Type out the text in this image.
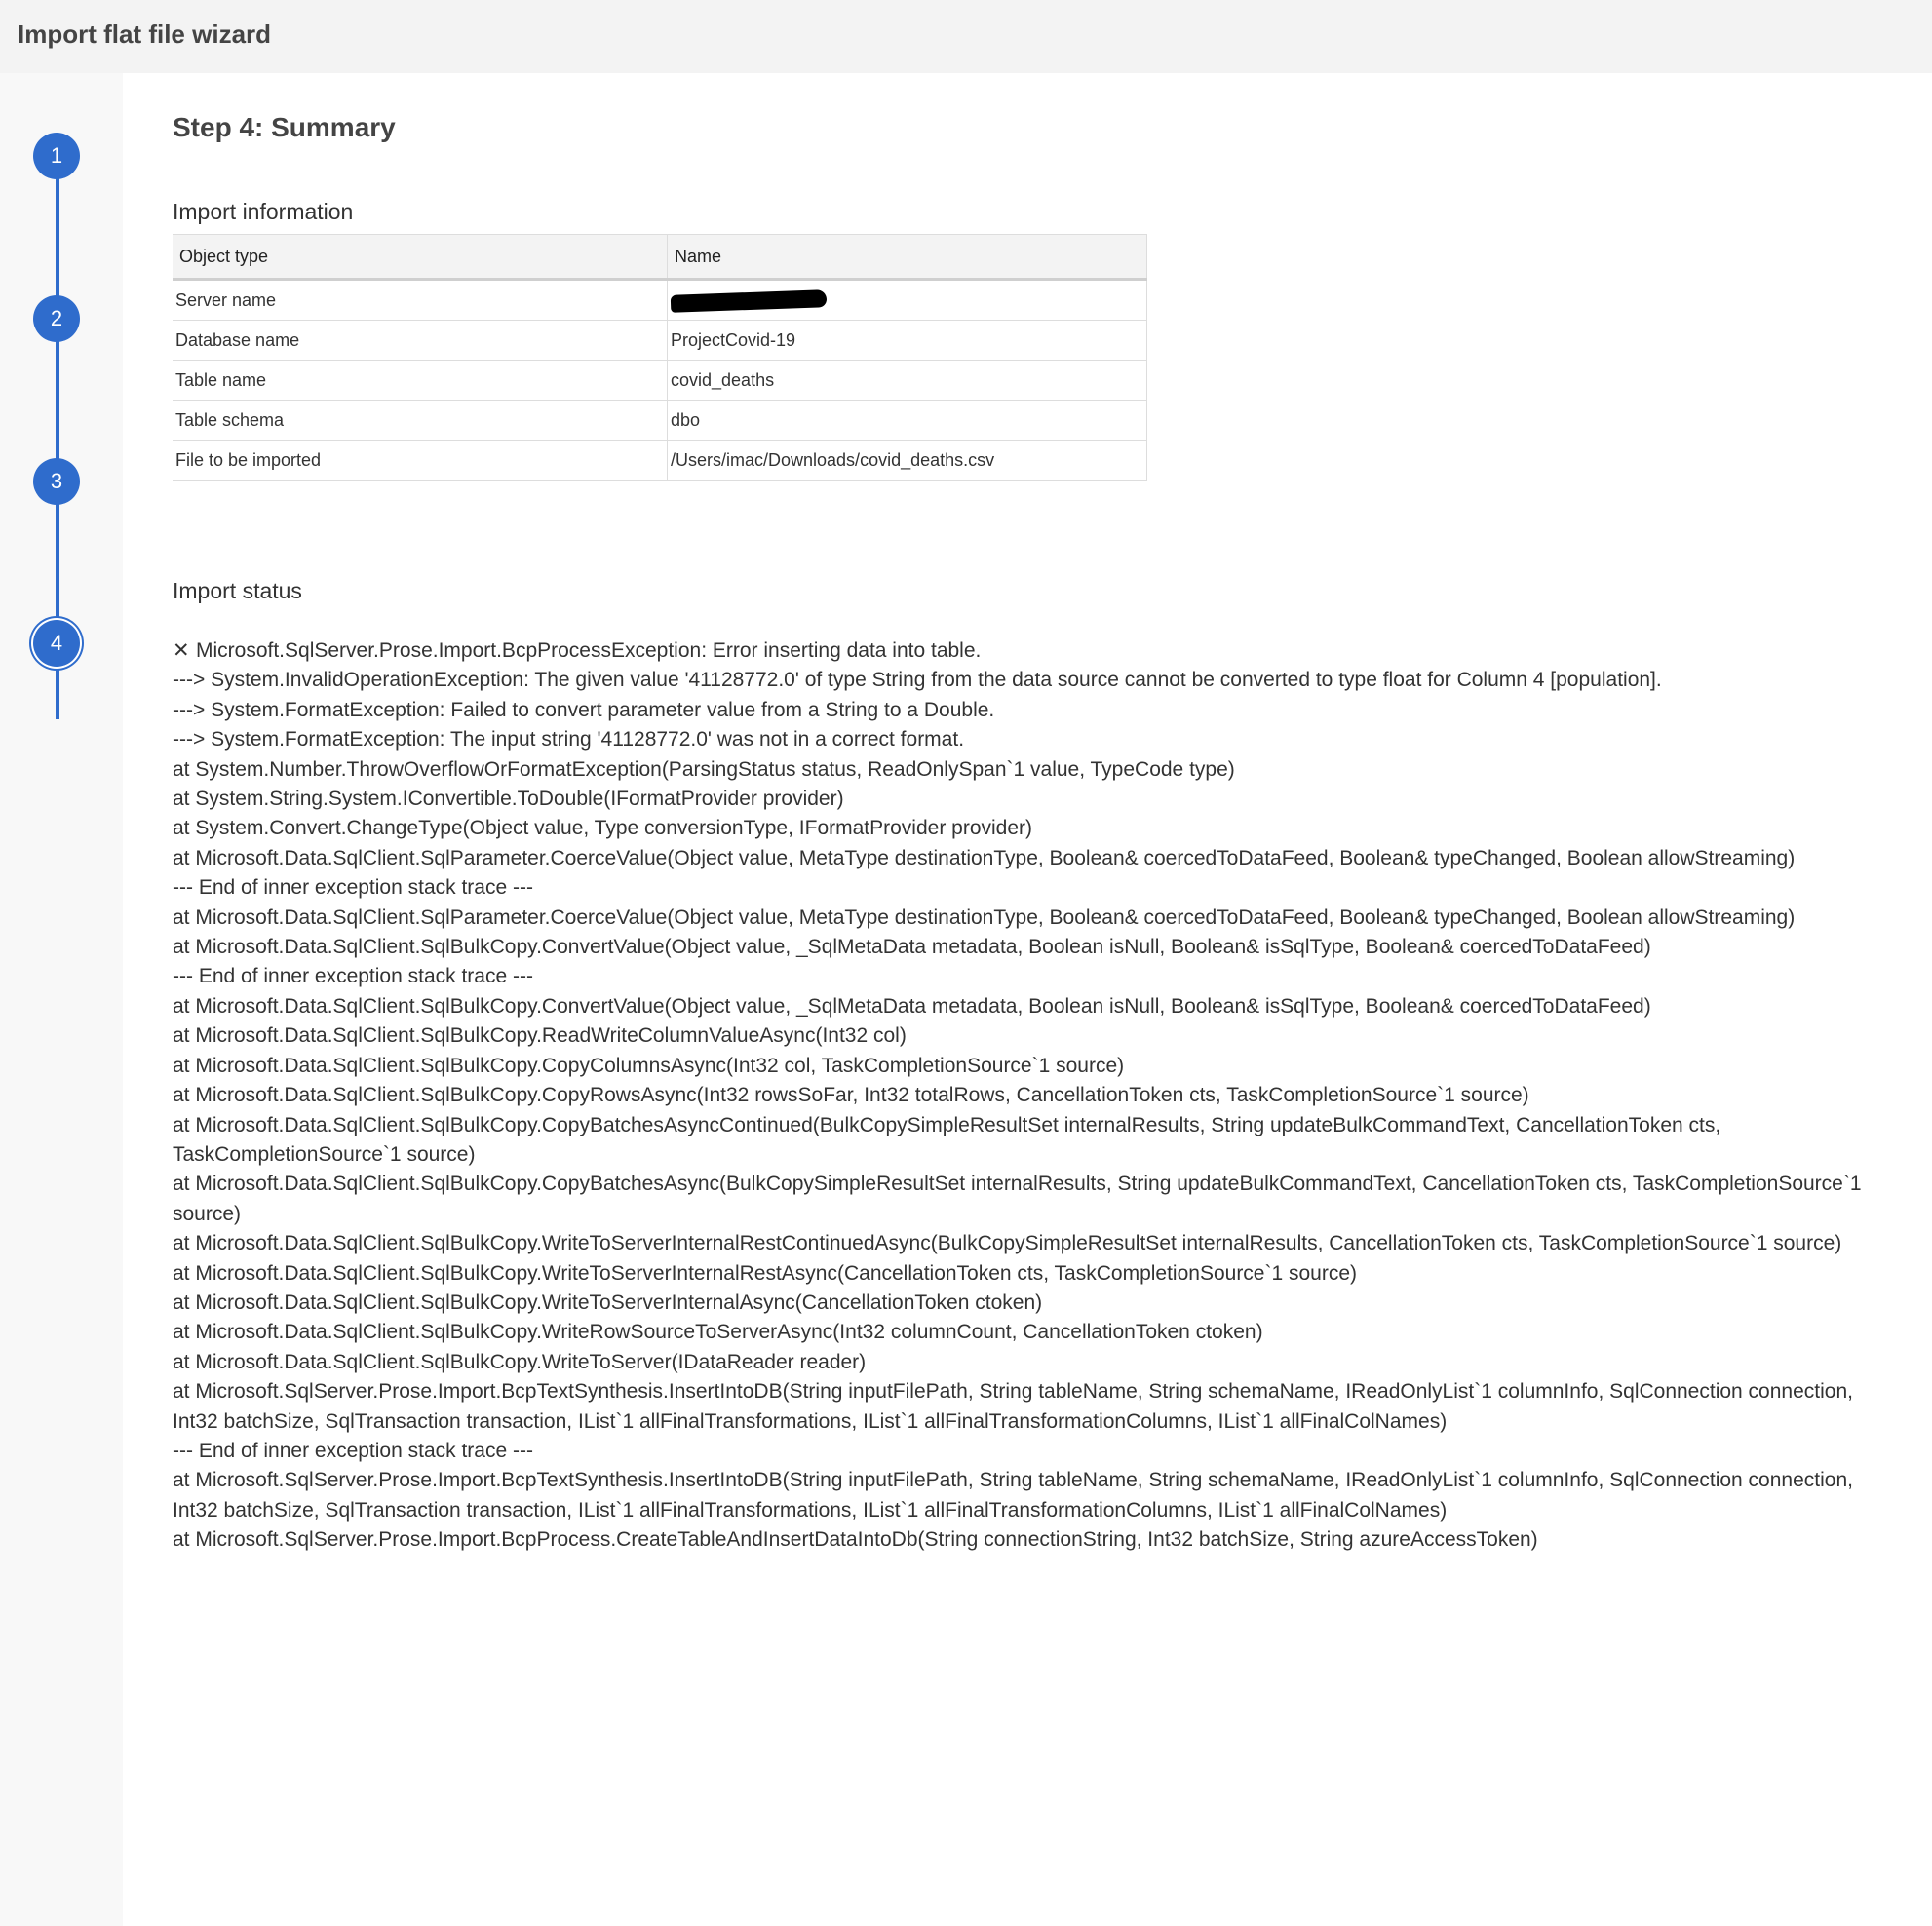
Import flat file wizard
1
2
3
4
Step 4: Summary
Import information
Object type	Name
Server name	
Database name	ProjectCovid-19
Table name	covid_deaths
Table schema	dbo
File to be imported	/Users/imac/Downloads/covid_deaths.csv
Import status
✕ Microsoft.SqlServer.Prose.Import.BcpProcessException: Error inserting data into table.
---> System.InvalidOperationException: The given value '41128772.0' of type String from the data source cannot be converted to type float for Column 4 [population].
---> System.FormatException: Failed to convert parameter value from a String to a Double.
---> System.FormatException: The input string '41128772.0' was not in a correct format.
at System.Number.ThrowOverflowOrFormatException(ParsingStatus status, ReadOnlySpan`1 value, TypeCode type)
at System.String.System.IConvertible.ToDouble(IFormatProvider provider)
at System.Convert.ChangeType(Object value, Type conversionType, IFormatProvider provider)
at Microsoft.Data.SqlClient.SqlParameter.CoerceValue(Object value, MetaType destinationType, Boolean& coercedToDataFeed, Boolean& typeChanged, Boolean allowStreaming)
--- End of inner exception stack trace ---
at Microsoft.Data.SqlClient.SqlParameter.CoerceValue(Object value, MetaType destinationType, Boolean& coercedToDataFeed, Boolean& typeChanged, Boolean allowStreaming)
at Microsoft.Data.SqlClient.SqlBulkCopy.ConvertValue(Object value, _SqlMetaData metadata, Boolean isNull, Boolean& isSqlType, Boolean& coercedToDataFeed)
--- End of inner exception stack trace ---
at Microsoft.Data.SqlClient.SqlBulkCopy.ConvertValue(Object value, _SqlMetaData metadata, Boolean isNull, Boolean& isSqlType, Boolean& coercedToDataFeed)
at Microsoft.Data.SqlClient.SqlBulkCopy.ReadWriteColumnValueAsync(Int32 col)
at Microsoft.Data.SqlClient.SqlBulkCopy.CopyColumnsAsync(Int32 col, TaskCompletionSource`1 source)
at Microsoft.Data.SqlClient.SqlBulkCopy.CopyRowsAsync(Int32 rowsSoFar, Int32 totalRows, CancellationToken cts, TaskCompletionSource`1 source)
at Microsoft.Data.SqlClient.SqlBulkCopy.CopyBatchesAsyncContinued(BulkCopySimpleResultSet internalResults, String updateBulkCommandText, CancellationToken cts, TaskCompletionSource`1 source)
at Microsoft.Data.SqlClient.SqlBulkCopy.CopyBatchesAsync(BulkCopySimpleResultSet internalResults, String updateBulkCommandText, CancellationToken cts, TaskCompletionSource`1 source)
at Microsoft.Data.SqlClient.SqlBulkCopy.WriteToServerInternalRestContinuedAsync(BulkCopySimpleResultSet internalResults, CancellationToken cts, TaskCompletionSource`1 source)
at Microsoft.Data.SqlClient.SqlBulkCopy.WriteToServerInternalRestAsync(CancellationToken cts, TaskCompletionSource`1 source)
at Microsoft.Data.SqlClient.SqlBulkCopy.WriteToServerInternalAsync(CancellationToken ctoken)
at Microsoft.Data.SqlClient.SqlBulkCopy.WriteRowSourceToServerAsync(Int32 columnCount, CancellationToken ctoken)
at Microsoft.Data.SqlClient.SqlBulkCopy.WriteToServer(IDataReader reader)
at Microsoft.SqlServer.Prose.Import.BcpTextSynthesis.InsertIntoDB(String inputFilePath, String tableName, String schemaName, IReadOnlyList`1 columnInfo, SqlConnection connection, Int32 batchSize, SqlTransaction transaction, IList`1 allFinalTransformations, IList`1 allFinalTransformationColumns, IList`1 allFinalColNames)
--- End of inner exception stack trace ---
at Microsoft.SqlServer.Prose.Import.BcpTextSynthesis.InsertIntoDB(String inputFilePath, String tableName, String schemaName, IReadOnlyList`1 columnInfo, SqlConnection connection, Int32 batchSize, SqlTransaction transaction, IList`1 allFinalTransformations, IList`1 allFinalTransformationColumns, IList`1 allFinalColNames)
at Microsoft.SqlServer.Prose.Import.BcpProcess.CreateTableAndInsertDataIntoDb(String connectionString, Int32 batchSize, String azureAccessToken)
